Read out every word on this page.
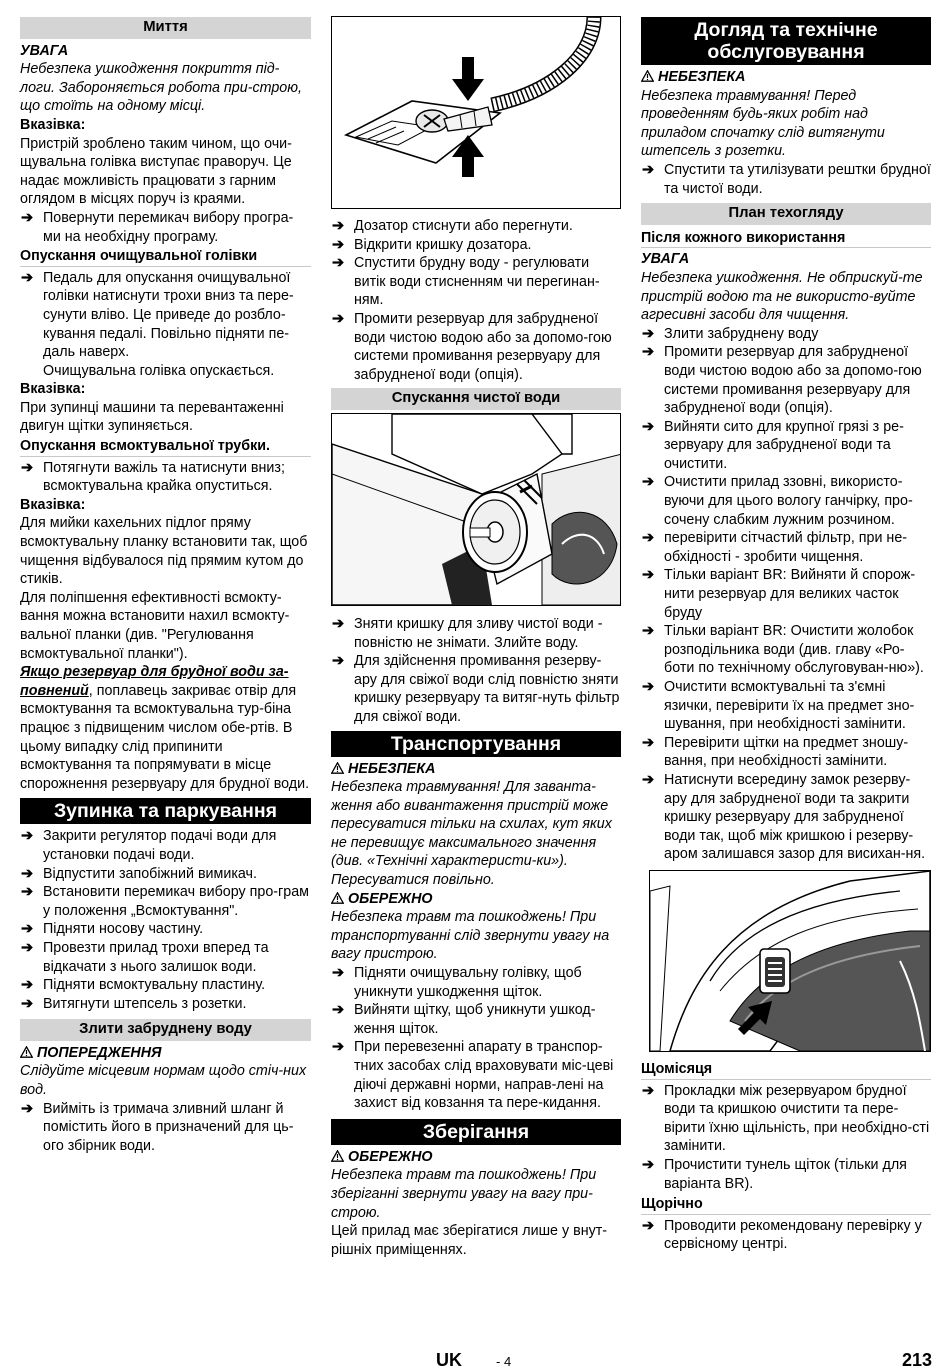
Миття
УВАГА

Небезпека ушкодження покриття під-логи. Забороняється робота при-строю, що стоїть на одному місці.

Вказівка:

Пристрій зроблено таким чином, що очи-щувальна голівка виступає праворуч. Це надає можливість працювати з гарним оглядом в місцях поруч із краями.

➔ Повернути перемикач вибору програ-ми на необхідну програму.
Опускання очищувальної голівки
➔ Педаль для опускання очищувальної голівки натиснути трохи вниз та пере-сунути вліво. Це приведе до розбло-кування педалі. Повільно підняти пе-даль наверх.

Очищувальна голівка опускається.

Вказівка:

При зупинці машини та перевантаженні двигун щітки зупиняється.

Опускання всмоктувальної трубки.
➔ Потягнути важіль та натиснути вниз; всмоктувальна крайка опуститься.
Вказівка:

Для мийки кахельних підлог пряму всмоктувальну планку встановити так, щоб чищення відбувалося під прямим кутом до стиків.

Для поліпшення ефективності всмокту-вання можна встановити нахил всмокту-вальної планки (див. "Регулювання всмоктувальної планки").

Якщо резервуар для брудної води за-повнений, поплавець закриває отвір для всмоктування та всмоктувальна тур-біна працює з підвищеним числом обе-ртів. В цьому випадку слід припинити всмоктування та попрямувати в місце спорожнення резервуару для брудної води.

Зупинка та паркування
➔ Закрити регулятор подачі води для установки подачі води.
➔ Відпустити запобіжний вимикач.
➔ Встановити перемикач вибору про-грам у положення „Всмоктування".
➔ Підняти носову частину.
➔ Провезти прилад трохи вперед та відкачати з нього залишок води.
➔ Підняти всмоктувальну пластину.
➔ Витягнути штепсель з розетки.
Злити забруднену воду
ПОПЕРЕДЖЕННЯ

Слідуйте місцевим нормам щодо стіч-них вод.

➔ Вийміть із тримача зливний шланг й помістить його в призначений для ць-ого збірник води.
➔ Дозатор стиснути або перегнути.
➔ Відкрити кришку дозатора.
➔ Спустити брудну воду - регулювати витік води стисненням чи перегинан-ням.
➔ Промити резервуар для забрудненої води чистою водою або за допомо-гою системи промивання резервуару для забрудненої води (опція).
Спускання чистої води
➔ Зняти кришку для зливу чистої води - повністю не знімати. Злийте воду.
➔ Для здійснення промивання резерву-ару для свіжої води слід повністю зняти кришку резервуару та витяг-нуть фільтр для свіжої води.
Транспортування
НЕБЕЗПЕКА

Небезпека травмування! Для заванта-ження або вивантаження пристрій може пересуватися тільки на схилах, кут яких не перевищує максимального значення (див. «Технічні характеристи-ки»). Пересуватися повільно.

ОБЕРЕЖНО

Небезпека травм та пошкоджень! При транспортуванні слід звернути увагу на вагу пристрою.

➔ Підняти очищувальну голівку, щоб уникнути ушкодження щіток.
➔ Вийняти щітку, щоб уникнути ушкод-ження щіток.
➔ При перевезенні апарату в транспор-тних засобах слід враховувати міс-цеві діючі державні норми, направ-лені на захист від ковзання та пере-кидання.
Зберігання
ОБЕРЕЖНО

Небезпека травм та пошкоджень! При зберіганні звернути увагу на вагу при-строю.

Цей прилад має зберігатися лише у внут-рішніх приміщеннях.

Догляд та технічне обслуговування
НЕБЕЗПЕКА

Небезпека травмування! Перед проведенням будь-яких робіт над приладом спочатку слід витягнути штепсель з розетки.

➔ Спустити та утилізувати рештки брудної та чистої води.
План техогляду
Після кожного використання
УВАГА

Небезпека ушкодження. Не обприскуй-те пристрій водою та не використо-вуйте агресивні засоби для чищення.

➔ Злити забруднену воду
➔ Промити резервуар для забрудненої води чистою водою або за допомо-гою системи промивання резервуару для забрудненої води (опція).
➔ Вийняти сито для крупної грязі з ре-зервуару для забрудненої води та очистити.
➔ Очистити прилад ззовні, використо-вуючи для цього вологу ганчірку, про-сочену слабким лужним розчином.
➔ перевірити сітчастий фільтр, при не-обхідності - зробити чищення.
➔ Тільки варіант BR: Вийняти й спорож-нити резервуар для великих часток бруду
➔ Тільки варіант BR: Очистити жолобок розподільника води (див. главу «Ро-боти по технічному обслуговуван-ню»).
➔ Очистити всмоктувальні та з'ємні язички, перевірити їх на предмет зно-шування, при необхідності замінити.
➔ Перевірити щітки на предмет зношу-вання, при необхідності замінити.
➔ Натиснути всередину замок резерву-ару для забрудненої води та закрити кришку резервуару для забрудненої води так, щоб між кришкою і резерву-аром залишався зазор для висихан-ня.
Щомісяця
➔ Прокладки між резервуаром брудної води та кришкою очистити та пере-вірити їхню щільність, при необхідно-сті замінити.
➔ Прочистити тунель щіток (тільки для варіанта BR).
Щорічно
➔ Проводити рекомендовану перевірку у сервісному центрі.
UK	- 4	213
